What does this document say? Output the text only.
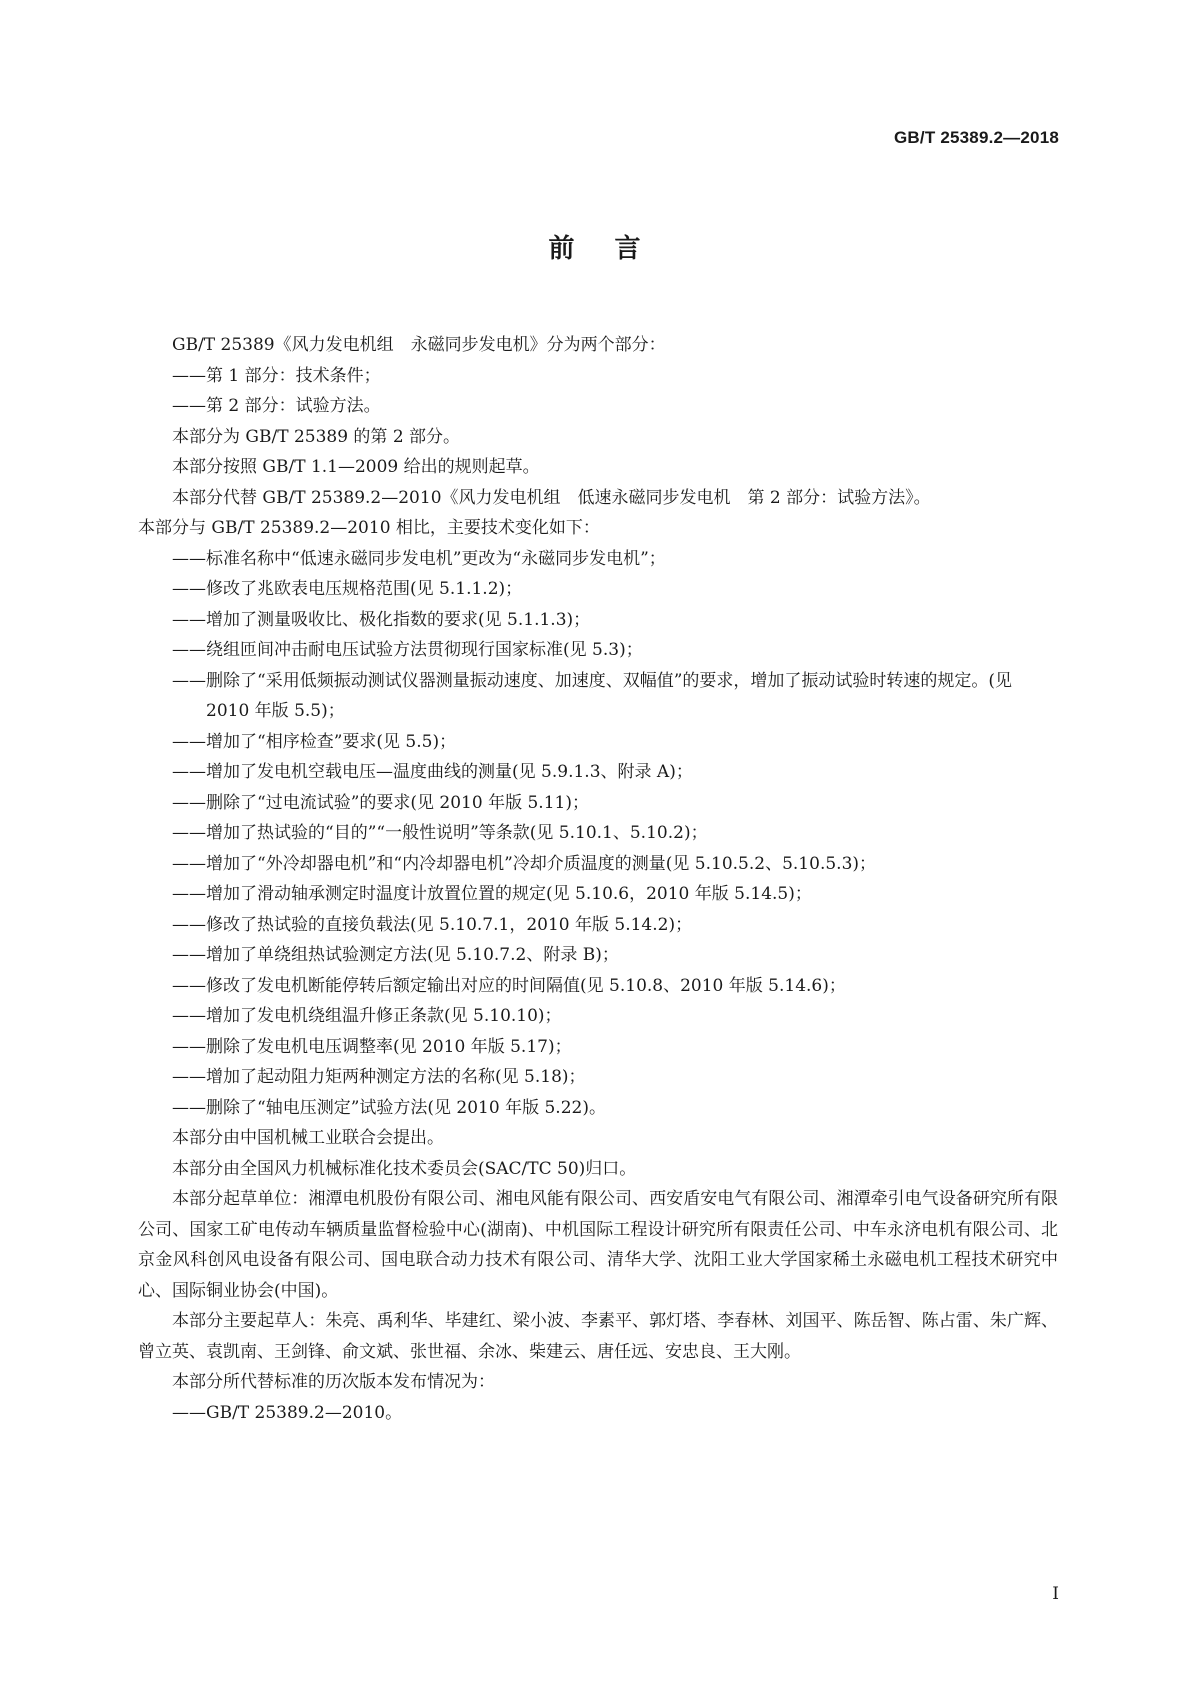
GB/T 25389.2—2018
前言

GB/T 25389《风力发电机组　永磁同步发电机》分为两个部分：

——第 1 部分：技术条件；

——第 2 部分：试验方法。

本部分为 GB/T 25389 的第 2 部分。

本部分按照 GB/T 1.1—2009 给出的规则起草。

本部分代替 GB/T 25389.2—2010《风力发电机组　低速永磁同步发电机　第 2 部分：试验方法》。

本部分与 GB/T 25389.2—2010 相比，主要技术变化如下：

——标准名称中“低速永磁同步发电机”更改为“永磁同步发电机”；

——修改了兆欧表电压规格范围(见 5.1.1.2)；

——增加了测量吸收比、极化指数的要求(见 5.1.1.3)；

——绕组匝间冲击耐电压试验方法贯彻现行国家标准(见 5.3)；

——删除了“采用低频振动测试仪器测量振动速度、加速度、双幅值”的要求，增加了振动试验时转速的规定。(见 2010 年版 5.5)；

——增加了“相序检查”要求(见 5.5)；

——增加了发电机空载电压—温度曲线的测量(见 5.9.1.3、附录 A)；

——删除了“过电流试验”的要求(见 2010 年版 5.11)；

——增加了热试验的“目的”“一般性说明”等条款(见 5.10.1、5.10.2)；

——增加了“外冷却器电机”和“内冷却器电机”冷却介质温度的测量(见 5.10.5.2、5.10.5.3)；

——增加了滑动轴承测定时温度计放置位置的规定(见 5.10.6，2010 年版 5.14.5)；

——修改了热试验的直接负载法(见 5.10.7.1，2010 年版 5.14.2)；

——增加了单绕组热试验测定方法(见 5.10.7.2、附录 B)；

——修改了发电机断能停转后额定输出对应的时间隔值(见 5.10.8、2010 年版 5.14.6)；

——增加了发电机绕组温升修正条款(见 5.10.10)；

——删除了发电机电压调整率(见 2010 年版 5.17)；

——增加了起动阻力矩两种测定方法的名称(见 5.18)；

——删除了“轴电压测定”试验方法(见 2010 年版 5.22)。

本部分由中国机械工业联合会提出。

本部分由全国风力机械标准化技术委员会(SAC/TC 50)归口。

本部分起草单位：湘潭电机股份有限公司、湘电风能有限公司、西安盾安电气有限公司、湘潭牵引电气设备研究所有限公司、国家工矿电传动车辆质量监督检验中心(湖南)、中机国际工程设计研究所有限责任公司、中车永济电机有限公司、北京金风科创风电设备有限公司、国电联合动力技术有限公司、清华大学、沈阳工业大学国家稀土永磁电机工程技术研究中心、国际铜业协会(中国)。

本部分主要起草人：朱亮、禹利华、毕建红、梁小波、李素平、郭灯塔、李春林、刘国平、陈岳智、陈占雷、朱广辉、曾立英、袁凯南、王剑锋、俞文斌、张世福、余冰、柴建云、唐任远、安忠良、王大刚。

本部分所代替标准的历次版本发布情况为：

——GB/T 25389.2—2010。

I
